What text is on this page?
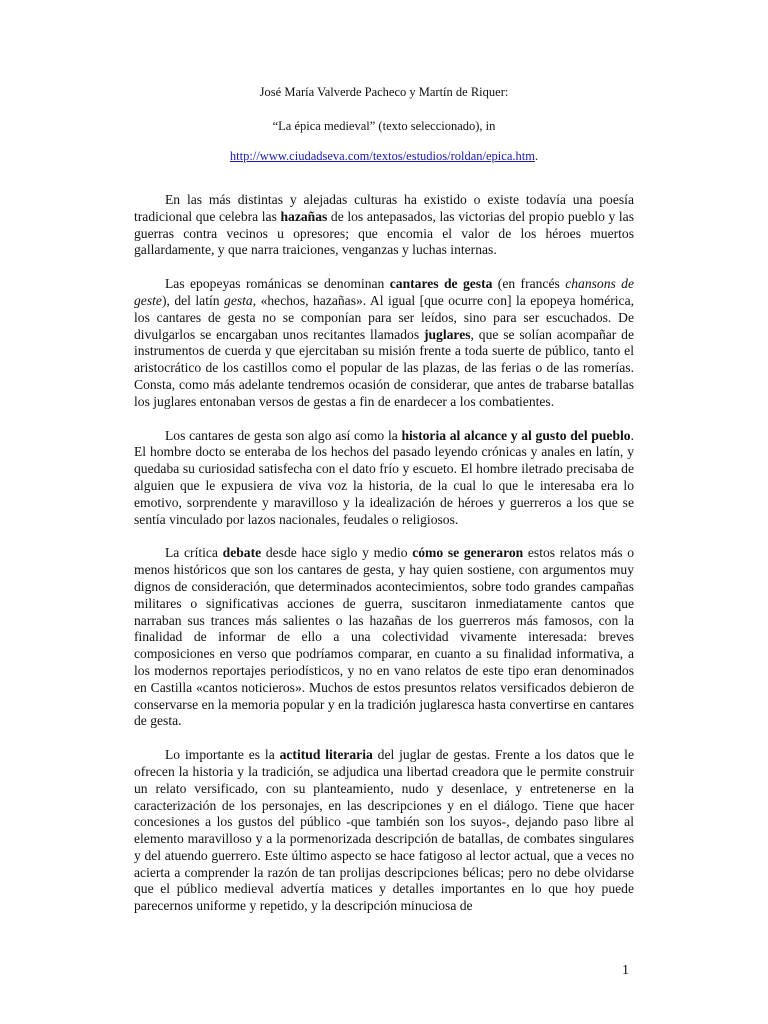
José María Valverde Pacheco y Martín de Riquer:
“La épica medieval” (texto seleccionado), in
http://www.ciudadseva.com/textos/estudios/roldan/epica.htm.

En las más distintas y alejadas culturas ha existido o existe todavía una poesía tradicional que celebra las hazañas de los antepasados, las victorias del propio pueblo y las guerras contra vecinos u opresores; que encomia el valor de los héroes muertos gallardamente, y que narra traiciones, venganzas y luchas internas.

Las epopeyas románicas se denominan cantares de gesta (en francés chansons de geste), del latín gesta, «hechos, hazañas». Al igual [que ocurre con] la epopeya homérica, los cantares de gesta no se componían para ser leídos, sino para ser escuchados. De divulgarlos se encargaban unos recitantes llamados juglares, que se solían acompañar de instrumentos de cuerda y que ejercitaban su misión frente a toda suerte de público, tanto el aristocrático de los castillos como el popular de las plazas, de las ferias o de las romerías. Consta, como más adelante tendremos ocasión de considerar, que antes de trabarse batallas los juglares entonaban versos de gestas a fin de enardecer a los combatientes.

Los cantares de gesta son algo así como la historia al alcance y al gusto del pueblo. El hombre docto se enteraba de los hechos del pasado leyendo crónicas y anales en latín, y quedaba su curiosidad satisfecha con el dato frío y escueto. El hombre iletrado precisaba de alguien que le expusiera de viva voz la historia, de la cual lo que le interesaba era lo emotivo, sorprendente y maravilloso y la idealización de héroes y guerreros a los que se sentía vinculado por lazos nacionales, feudales o religiosos.

La crítica debate desde hace siglo y medio cómo se generaron estos relatos más o menos históricos que son los cantares de gesta, y hay quien sostiene, con argumentos muy dignos de consideración, que determinados acontecimientos, sobre todo grandes campañas militares o significativas acciones de guerra, suscitaron inmediatamente cantos que narraban sus trances más salientes o las hazañas de los guerreros más famosos, con la finalidad de informar de ello a una colectividad vivamente interesada: breves composiciones en verso que podríamos comparar, en cuanto a su finalidad informativa, a los modernos reportajes periodísticos, y no en vano relatos de este tipo eran denominados en Castilla «cantos noticieros». Muchos de estos presuntos relatos versificados debieron de conservarse en la memoria popular y en la tradición juglaresca hasta convertirse en cantares de gesta.

Lo importante es la actitud literaria del juglar de gestas. Frente a los datos que le ofrecen la historia y la tradición, se adjudica una libertad creadora que le permite construir un relato versificado, con su planteamiento, nudo y desenlace, y entretenerse en la caracterización de los personajes, en las descripciones y en el diálogo. Tiene que hacer concesiones a los gustos del público -que también son los suyos-, dejando paso libre al elemento maravilloso y a la pormenorizada descripción de batallas, de combates singulares y del atuendo guerrero. Este último aspecto se hace fatigoso al lector actual, que a veces no acierta a comprender la razón de tan prolijas descripciones bélicas; pero no debe olvidarse que el público medieval advertía matices y detalles importantes en lo que hoy puede parecernos uniforme y repetido, y la descripción minuciosa de

1
